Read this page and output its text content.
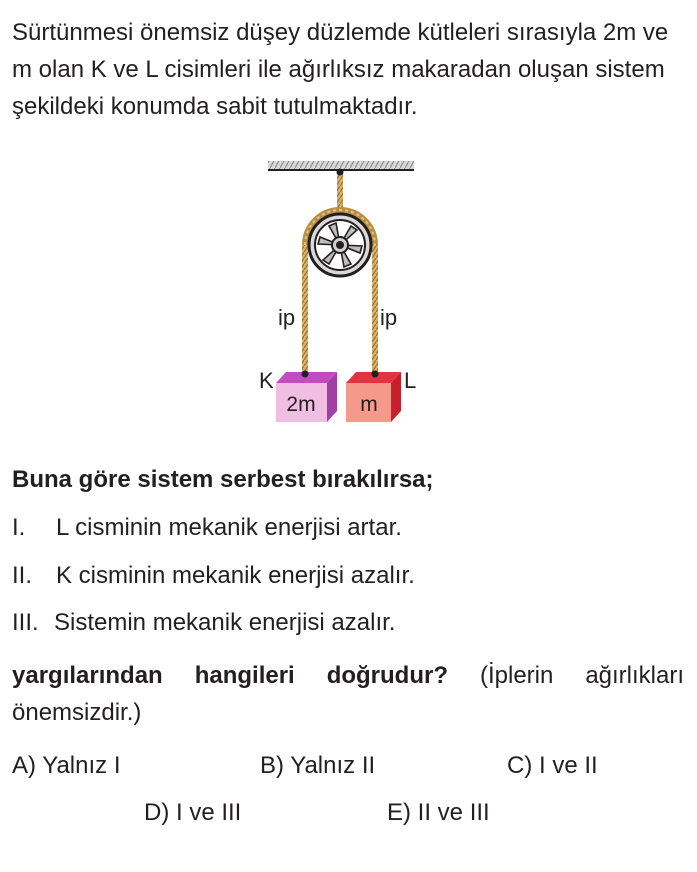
Sürtünmesi önemsiz düşey düzlemde kütleleri sırasıyla 2m ve m olan K ve L cisimleri ile ağırlıksız makaradan oluşan sistem şekildeki konumda sabit tutulmaktadır.

ip	ip
2m
K
m
L

Buna göre sistem serbest bırakılırsa;

I. L cisminin mekanik enerjisi artar.

II. K cisminin mekanik enerjisi azalır.

III. Sistemin mekanik enerjisi azalır.

yargılarından hangileri doğrudur? (İplerin ağırlıkları önemsizdir.)

A) Yalnız I	B) Yalnız II	C) I ve II
D) I ve III	E) II ve III
